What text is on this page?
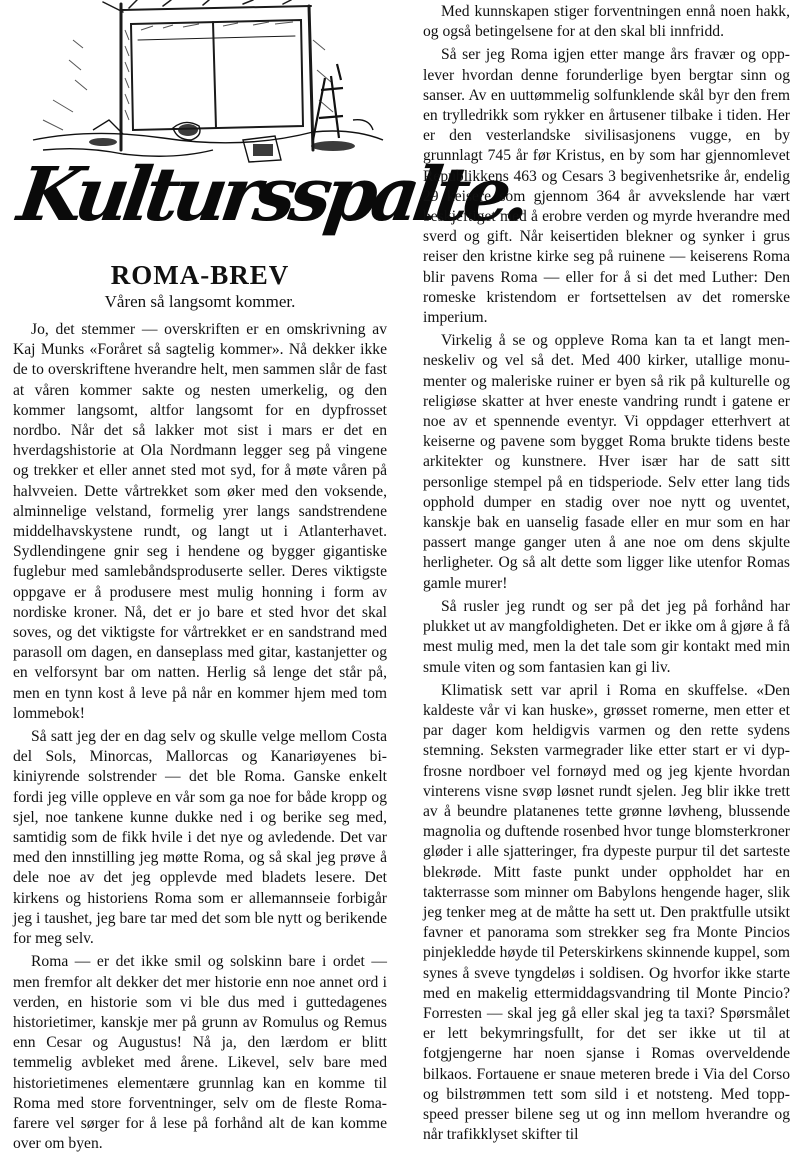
Kultursspalte.
ROMA-BREV
Våren så langsomt kommer.

Jo, det stemmer — overskriften er en omskrivning av Kaj Munks «Foråret så sagtelig kommer». Nå dekker ikke de to overskriftene hverandre helt, men sammen slår de fast at våren kommer sakte og nesten umerkelig, og den kommer langsomt, altfor langsomt for en dypfrosset nordbo. Når det så lakker mot sist i mars er det en hverdagshistorie at Ola Nordmann legger seg på vingene og trekker et eller annet sted mot syd, for å møte våren på halvveien. Dette vårtrekket som øker med den voksende, alminnelige velstand, formelig yrer langs sandstrendene middelhavskystene rundt, og langt ut i Atlanterhavet. Sydlendingene gnir seg i hendene og bygger gigantiske fuglebur med samlebåndsproduserte seller. Deres viktigste oppgave er å produsere mest mulig honning i form av nordiske kroner. Nå, det er jo bare et sted hvor det skal soves, og det viktigste for vårtrekket er en sandstrand med parasoll om dagen, en danseplass med gitar, kastanjetter og en velforsynt bar om natten. Herlig så lenge det står på, men en tynn kost å leve på når en kommer hjem med tom lommebok!

Så satt jeg der en dag selv og skulle velge mellom Costa del Sols, Minorcas, Mallorcas og Kanariøyenes bikiniyrende solstrender — det ble Roma. Ganske enkelt fordi jeg ville oppleve en vår som ga noe for både kropp og sjel, noe tankene kunne dukke ned i og berike seg med, samtidig som de fikk hvile i det nye og avledende. Det var med den innstilling jeg møtte Roma, og så skal jeg prøve å dele noe av det jeg opplevde med bladets lesere. Det kirkens og historiens Roma som er allemannseie forbigår jeg i taushet, jeg bare tar med det som ble nytt og berikende for meg selv.

Roma — er det ikke smil og solskinn bare i ordet — men fremfor alt dekker det mer historie enn noe annet ord i verden, en historie som vi ble dus med i guttedagenes historietimer, kanskje mer på grunn av Romulus og Remus enn Cesar og Augustus! Nå ja, den lærdom er blitt temmelig avbleket med årene. Likevel, selv bare med historietimenes elementære grunnlag kan en komme til Roma med store forventninger, selv om de fleste Roma-farere vel sørger for å lese på forhånd alt de kan komme over om byen.

Med kunnskapen stiger forventningen ennå noen hakk, og også betingelsene for at den skal bli innfridd.

Så ser jeg Roma igjen etter mange års fravær og opplever hvordan denne forunderlige byen bergtar sinn og sanser. Av en uuttømmelig solfunklende skål byr den frem en trylledrikk som rykker en årtusener tilbake i tiden. Her er den vesterlandske sivilisasjonens vugge, en by grunnlagt 745 år før Kristus, en by som har gjennomlevet Republikkens 463 og Cesars 3 begivenhetsrike år, endelig 29 keisere som gjennom 364 år avvekslende har vært beskjeftiget med å erobre verden og myrde hverandre med sverd og gift. Når keisertiden blekner og synker i grus reiser den kristne kirke seg på ruinene — keiserens Roma blir pavens Roma — eller for å si det med Luther: Den romeske kristendom er fortsettelsen av det romerske imperium.

Virkelig å se og oppleve Roma kan ta et langt menneskeliv og vel så det. Med 400 kirker, utallige monumenter og maleriske ruiner er byen så rik på kulturelle og religiøse skatter at hver eneste vandring rundt i gatene er noe av et spennende eventyr. Vi oppdager etterhvert at keiserne og pavene som bygget Roma brukte tidens beste arkitekter og kunstnere. Hver især har de satt sitt personlige stempel på en tidsperiode. Selv etter lang tids opphold dumper en stadig over noe nytt og uventet, kanskje bak en uanselig fasade eller en mur som en har passert mange ganger uten å ane noe om dens skjulte herligheter. Og så alt dette som ligger like utenfor Romas gamle murer!

Så rusler jeg rundt og ser på det jeg på forhånd har plukket ut av mangfoldigheten. Det er ikke om å gjøre å få mest mulig med, men la det tale som gir kontakt med min smule viten og som fantasien kan gi liv.

Klimatisk sett var april i Roma en skuffelse. «Den kaldeste vår vi kan huske», grøsset romerne, men etter et par dager kom heldigvis varmen og den rette sydens stemning. Seksten varmegrader like etter start er vi dypfrosne nordboer vel fornøyd med og jeg kjente hvordan vinterens visne svøp løsnet rundt sjelen. Jeg blir ikke trett av å beundre platanenes tette grønne løvheng, blussende magnolia og duftende rosenbed hvor tunge blomsterkroner gløder i alle sjatteringer, fra dypeste purpur til det sarteste blekrøde. Mitt faste punkt under oppholdet har en takterrasse som minner om Babylons hengende hager, slik jeg tenker meg at de måtte ha sett ut. Den praktfulle utsikt favner et panorama som strekker seg fra Monte Pincios pinjekledde høyde til Peterskirkens skinnende kuppel, som synes å sveve tyngdeløs i soldisen. Og hvorfor ikke starte med en makelig ettermiddagsvandring til Monte Pincio? Forresten — skal jeg gå eller skal jeg ta taxi? Spørsmålet er lett bekymringsfullt, for det ser ikke ut til at fotgjengerne har noen sjanse i Romas overveldende bilkaos. Fortauene er snaue meteren brede i Via del Corso og bilstrømmen tett som sild i et notsteng. Med topp-speed presser bilene seg ut og inn mellom hverandre og når trafikklyset skifter til
